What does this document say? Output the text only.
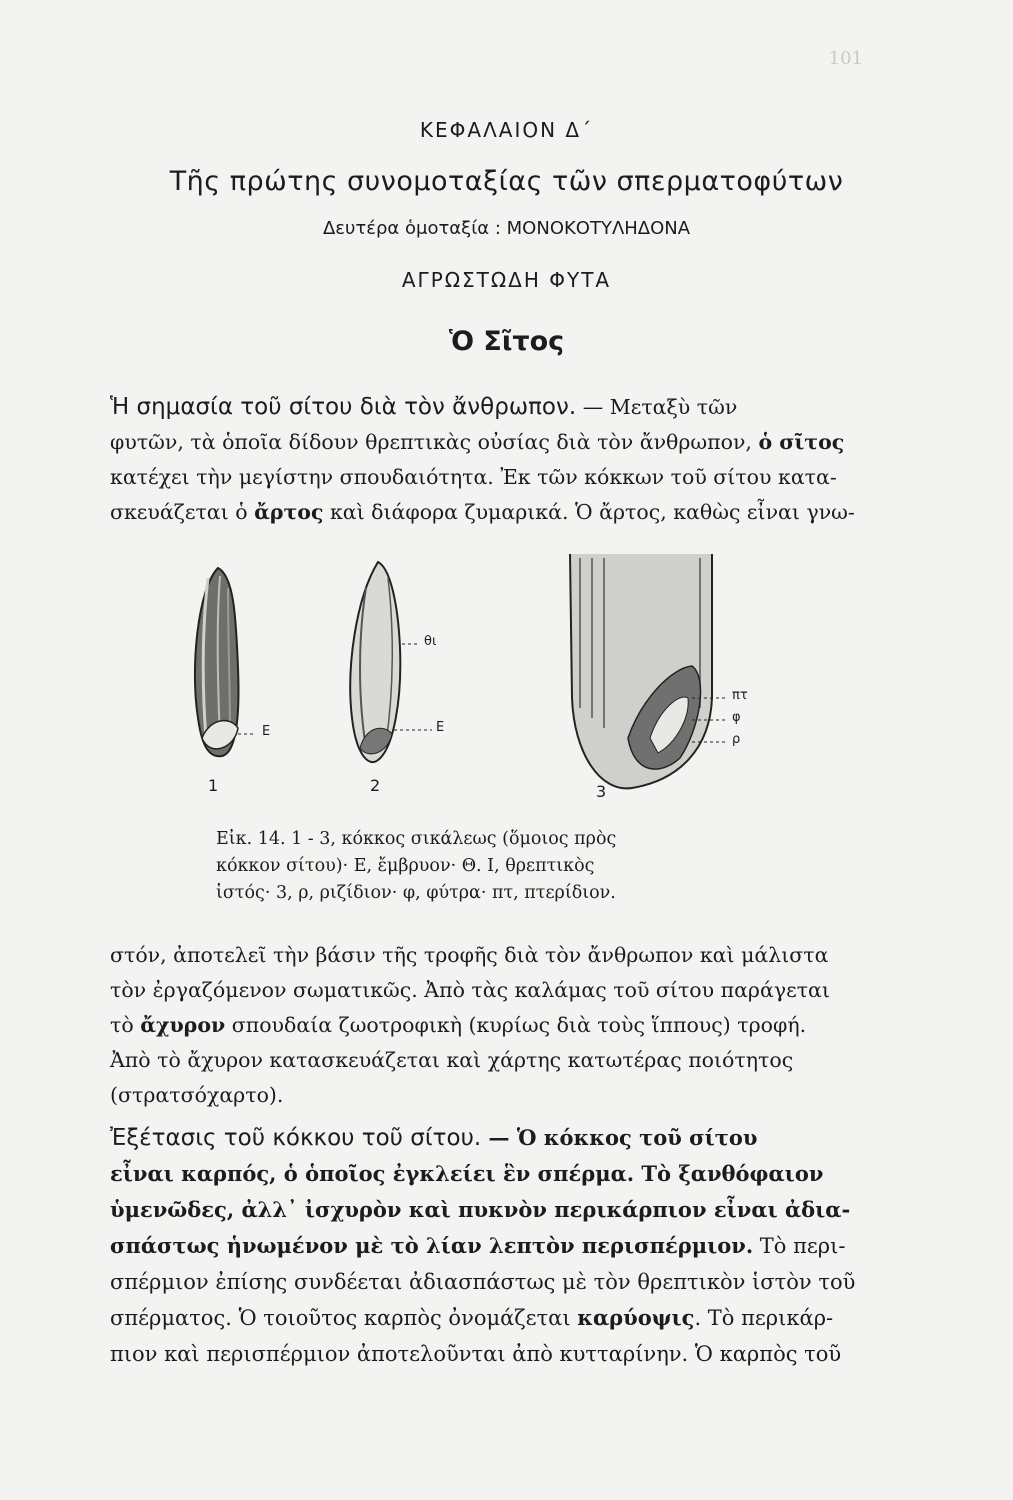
101
ΚΕΦΑΛΑΙΟΝ Δ΄
Τῆς πρώτης συνομοταξίας τῶν σπερματοφύτων
Δευτέρα ὁμοταξία : ΜΟΝΟΚΟΤΥΛΗΔΟΝΑ
ΑΓΡΩΣΤΩΔΗ ΦΥΤΑ
Ὁ Σῖτος
Ἡ σημασία τοῦ σίτου διὰ τὸν ἄνθρωπον. — Μεταξὺ τῶν
φυτῶν, τὰ ὁποῖα δίδουν θρεπτικὰς οὐσίας διὰ τὸν ἄνθρωπον, ὁ σῖτος
κατέχει τὴν μεγίστην σπουδαιότητα. Ἐκ τῶν κόκκων τοῦ σίτου κατα-
σκευάζεται ὁ ἄρτος καὶ διάφορα ζυμαρικά. Ὁ ἄρτος, καθὼς εἶναι γνω-
Ε
θι
Ε
πτ
φ
ρ
1	2	3
Εἰκ. 14. 1 - 3, κόκκος σικάλεως (ὅμοιος πρὸς
κόκκον σίτου)· Ε, ἔμβρυον· Θ. Ι, θρεπτικὸς
ἱστός· 3, ρ, ριζίδιον· φ, φύτρα· πτ, πτερίδιον.
στόν, ἀποτελεῖ τὴν βάσιν τῆς τροφῆς διὰ τὸν ἄνθρωπον καὶ μάλιστα
τὸν ἐργαζόμενον σωματικῶς. Ἀπὸ τὰς καλάμας τοῦ σίτου παράγεται
τὸ ἄχυρον σπουδαία ζωοτροφικὴ (κυρίως διὰ τοὺς ἵππους) τροφή.
Ἀπὸ τὸ ἄχυρον κατασκευάζεται καὶ χάρτης κατωτέρας ποιότητος
(στρατσόχαρτο).
Ἐξέτασις τοῦ κόκκου τοῦ σίτου. — Ὁ κόκκος τοῦ σίτου
εἶναι καρπός, ὁ ὁποῖος ἐγκλείει ἓν σπέρμα. Τὸ ξανθόφαιον
ὑμενῶδες, ἀλλ᾽ ἰσχυρὸν καὶ πυκνὸν περικάρπιον εἶναι ἀδια-
σπάστως ἡνωμένον μὲ τὸ λίαν λεπτὸν περισπέρμιον. Τὸ περι-
σπέρμιον ἐπίσης συνδέεται ἀδιασπάστως μὲ τὸν θρεπτικὸν ἱστὸν τοῦ
σπέρματος. Ὁ τοιοῦτος καρπὸς ὀνομάζεται καρύοψις. Τὸ περικάρ-
πιον καὶ περισπέρμιον ἀποτελοῦνται ἀπὸ κυτταρίνην. Ὁ καρπὸς τοῦ
